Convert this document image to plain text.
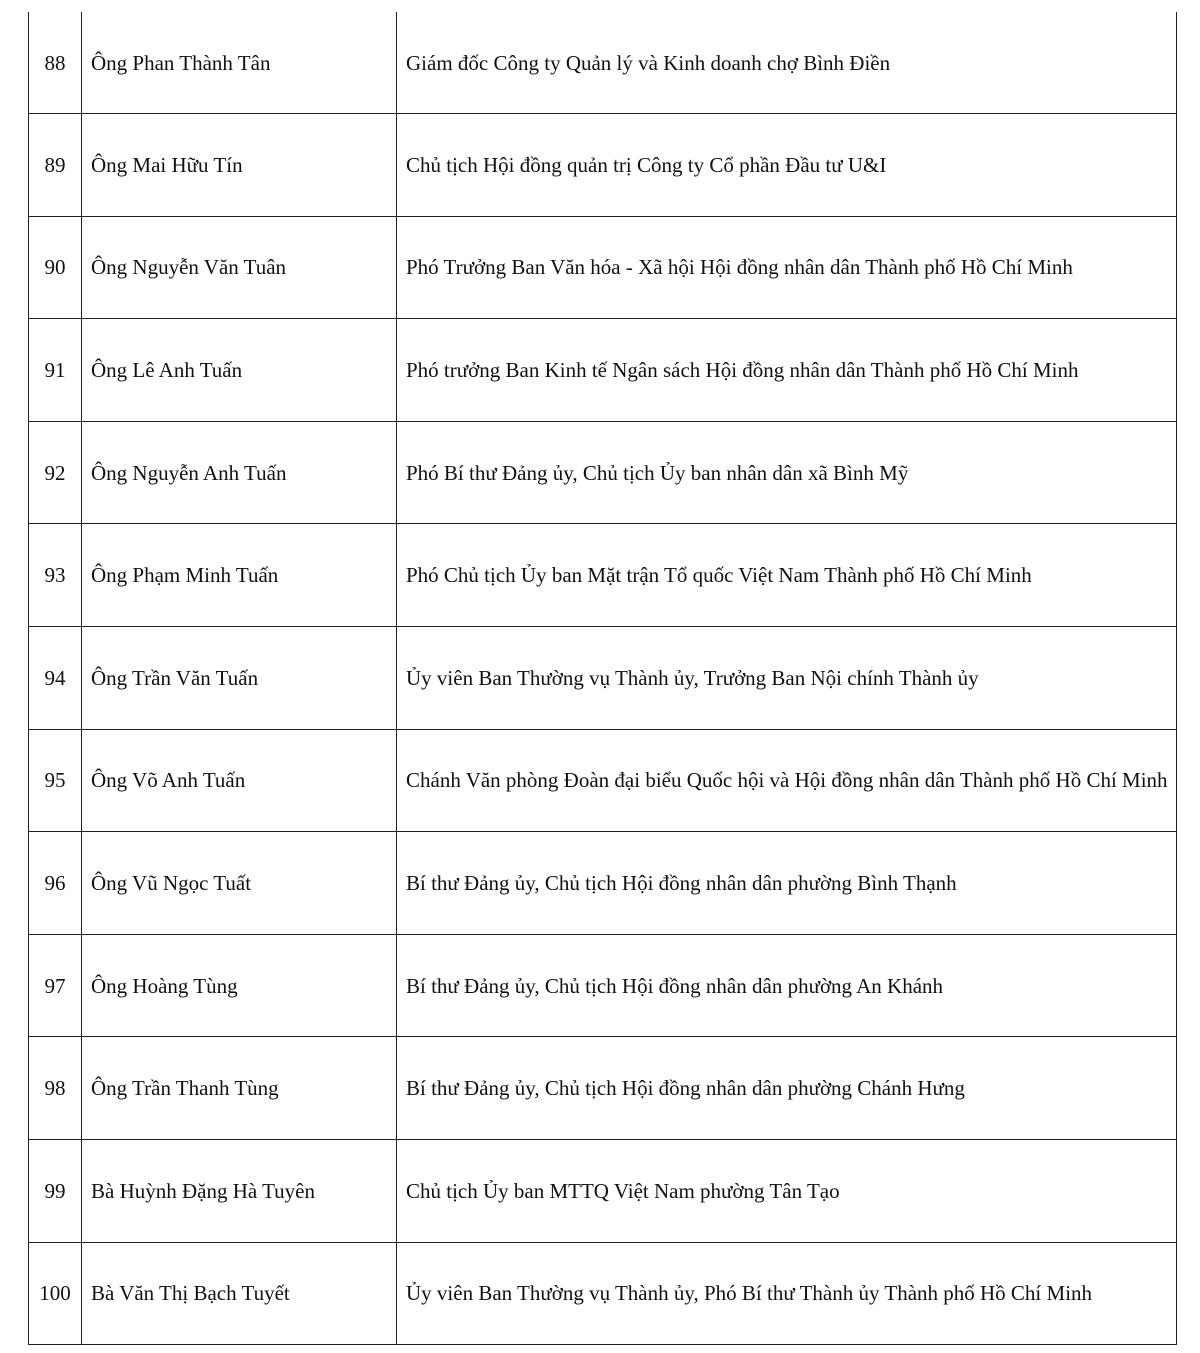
88	Ông Phan Thành Tân	Giám đốc Công ty Quản lý và Kinh doanh chợ Bình Điền
89	Ông Mai Hữu Tín	Chủ tịch Hội đồng quản trị Công ty Cổ phần Đầu tư U&I
90	Ông Nguyễn Văn Tuân	Phó Trưởng Ban Văn hóa - Xã hội Hội đồng nhân dân Thành phố Hồ Chí Minh
91	Ông Lê Anh Tuấn	Phó trưởng Ban Kinh tế Ngân sách Hội đồng nhân dân Thành phố Hồ Chí Minh
92	Ông Nguyễn Anh Tuấn	Phó Bí thư Đảng ủy, Chủ tịch Ủy ban nhân dân xã Bình Mỹ
93	Ông Phạm Minh Tuấn	Phó Chủ tịch Ủy ban Mặt trận Tổ quốc Việt Nam Thành phố Hồ Chí Minh
94	Ông Trần Văn Tuấn	Ủy viên Ban Thường vụ Thành ủy, Trưởng Ban Nội chính Thành ủy
95	Ông Võ Anh Tuấn	Chánh Văn phòng Đoàn đại biểu Quốc hội và Hội đồng nhân dân Thành phố Hồ Chí Minh
96	Ông Vũ Ngọc Tuất	Bí thư Đảng ủy, Chủ tịch Hội đồng nhân dân phường Bình Thạnh
97	Ông Hoàng Tùng	Bí thư Đảng ủy, Chủ tịch Hội đồng nhân dân phường An Khánh
98	Ông Trần Thanh Tùng	Bí thư Đảng ủy, Chủ tịch Hội đồng nhân dân phường Chánh Hưng
99	Bà Huỳnh Đặng Hà Tuyên	Chủ tịch Ủy ban MTTQ Việt Nam phường Tân Tạo
100	Bà Văn Thị Bạch Tuyết	Ủy viên Ban Thường vụ Thành ủy, Phó Bí thư Thành ủy Thành phố Hồ Chí Minh
